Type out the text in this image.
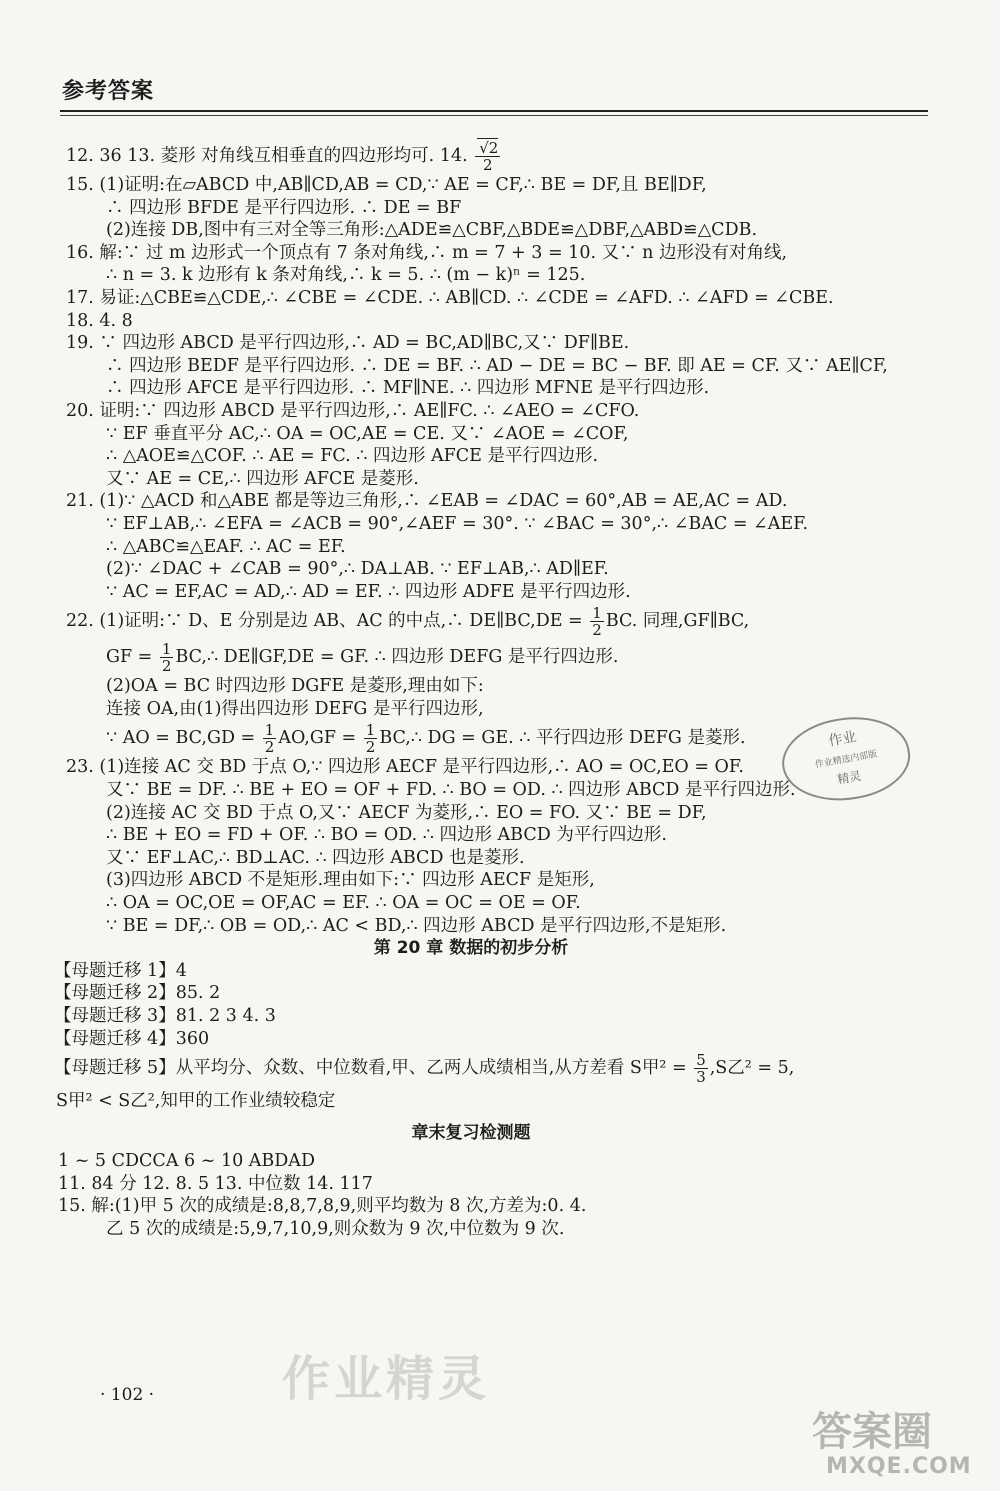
参考答案
12. 36 13. 菱形 对角线互相垂直的四边形均可. 14. $\frac{√2}{2}$
15. (1)证明:在▱ABCD 中,AB∥CD,AB = CD,∵ AE = CF,∴ BE = DF,且 BE∥DF,
∴ 四边形 BFDE 是平行四边形. ∴ DE = BF
(2)连接 DB,图中有三对全等三角形:△ADE≌△CBF,△BDE≌△DBF,△ABD≌△CDB.
16. 解:∵ 过 m 边形式一个顶点有 7 条对角线,∴ m = 7 + 3 = 10. 又∵ n 边形没有对角线,
∴ n = 3. k 边形有 k 条对角线,∴ k = 5. ∴ (m − k)ⁿ = 125.
17. 易证:△CBE≌△CDE,∴ ∠CBE = ∠CDE. ∴ AB∥CD. ∴ ∠CDE = ∠AFD. ∴ ∠AFD = ∠CBE.
18. 4. 8
19. ∵ 四边形 ABCD 是平行四边形,∴ AD = BC,AD∥BC,又∵ DF∥BE.
∴ 四边形 BEDF 是平行四边形. ∴ DE = BF. ∴ AD − DE = BC − BF. 即 AE = CF. 又∵ AE∥CF,
∴ 四边形 AFCE 是平行四边形. ∴ MF∥NE. ∴ 四边形 MFNE 是平行四边形.
20. 证明:∵ 四边形 ABCD 是平行四边形,∴ AE∥FC. ∴ ∠AEO = ∠CFO.
∵ EF 垂直平分 AC,∴ OA = OC,AE = CE. 又∵ ∠AOE = ∠COF,
∴ △AOE≌△COF. ∴ AE = FC. ∴ 四边形 AFCE 是平行四边形.
又∵ AE = CE,∴ 四边形 AFCE 是菱形.
21. (1)∵ △ACD 和△ABE 都是等边三角形,∴ ∠EAB = ∠DAC = 60°,AB = AE,AC = AD.
∵ EF⊥AB,∴ ∠EFA = ∠ACB = 90°,∠AEF = 30°. ∵ ∠BAC = 30°,∴ ∠BAC = ∠AEF.
∴ △ABC≌△EAF. ∴ AC = EF.
(2)∵ ∠DAC + ∠CAB = 90°,∴ DA⊥AB. ∵ EF⊥AB,∴ AD∥EF.
∵ AC = EF,AC = AD,∴ AD = EF. ∴ 四边形 ADFE 是平行四边形.
22. (1)证明:∵ D、E 分别是边 AB、AC 的中点,∴ DE∥BC,DE = $\frac{1}{2}$ BC. 同理,GF∥BC,
GF = $\frac{1}{2}$ BC,∴ DE∥GF,DE = GF. ∴ 四边形 DEFG 是平行四边形.
(2)OA = BC 时四边形 DGFE 是菱形,理由如下:
连接 OA,由(1)得出四边形 DEFG 是平行四边形,
∵ AO = $BC,GD = \frac{1}{2} AO,GF = \frac{1}{2}$ BC,∴ DG = GE. ∴ 平行四边形 DEFG 是菱形.
23. (1)连接 AC 交 BD 于点 O,∵ 四边形 AECF 是平行四边形,∴ AO = OC,EO = OF.
又∵ BE = DF. ∴ BE + EO = OF + FD. ∴ BO = OD. ∴ 四边形 ABCD 是平行四边形.
(2)连接 AC 交 BD 于点 O,又∵ AECF 为菱形,∴ EO = FO. 又∵ BE = DF,
∴ BE + EO = FD + OF. ∴ BO = OD. ∴ 四边形 ABCD 为平行四边形.
又∵ EF⊥AC,∴ BD⊥AC. ∴ 四边形 ABCD 也是菱形.
(3)四边形 ABCD 不是矩形.理由如下:∵ 四边形 AECF 是矩形,
∴ OA = OC,OE = OF,AC = EF. ∴ OA = OC = OE = OF.
∵ BE = DF,∴ OB = OD,∴ AC < BD,∴ 四边形 ABCD 是平行四边形,不是矩形.
第 20 章 数据的初步分析
【母题迁移 1】4
【母题迁移 2】85. 2
【母题迁移 3】81. 2 3 4. 3
【母题迁移 4】360
【母题迁移 5】从平均分、众数、中位数看,甲、乙两人成绩相当,从方差看 S甲$^2 = \frac{5}{3} ,S$乙² = 5,
S甲² < S乙²,知甲的工作业绩较稳定
章末复习检测题
1 ~ 5 CDCCA 6 ~ 10 ABDAD
11. 84 分 12. 8. 5 13. 中位数 14. 117
15. 解:(1)甲 5 次的成绩是:8,8,7,8,9,则平均数为 8 次,方差为:0. 4.
乙 5 次的成绩是:5,9,7,10,9,则众数为 9 次,中位数为 9 次.
作业
作业精选内部版
精灵
· 102 ·	作业精灵
答案圈
MXQE.COM
